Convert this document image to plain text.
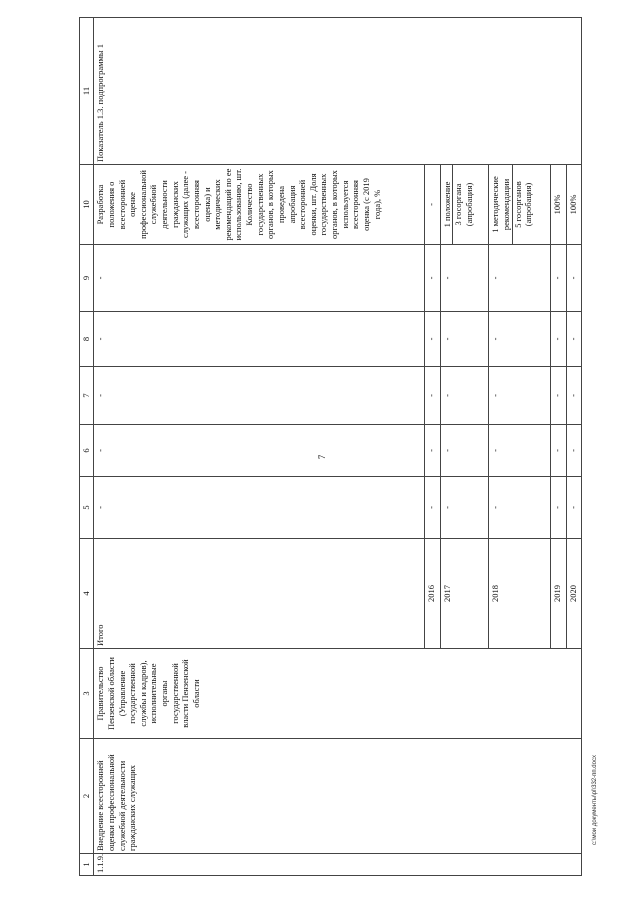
7
1	2	3	4	5	6	7	8	9	10	11
1.1.9.	Внедрение всесторонней оценки профессиональной служебной деятельности гражданских служащих	Правительство Пензенской области (Управление государственной службы и кадров), исполнительные органы государственной власти Пензенской области	Итого	-	-	-	-	-	Разработка положения о всесторонней оценке профессиональной служебной деятельности гражданских служащих (далее - всесторонняя оценка) и методических рекомендаций по ее использованию, шт. Количество государственных органов, в которых проведена апробация всесторонней оценки, шт. Доля государственных органов, в которых используется всесторонняя оценка (с 2019 года), %	Показатель 1.3. подпрограммы 1
			2016	-	-	-	-	-	-	
			2017	-	-	-	-	-	1 положение 3 госоргана (апробация)	

			2018	-	-	-	-	-	1 методические рекомендации 5 госорганов (апробация)	

			2019	-	-	-	-	-	100%	
			2020	-	-	-	-	-	100%	
c:\мои документы\pl\332-пп.docx
